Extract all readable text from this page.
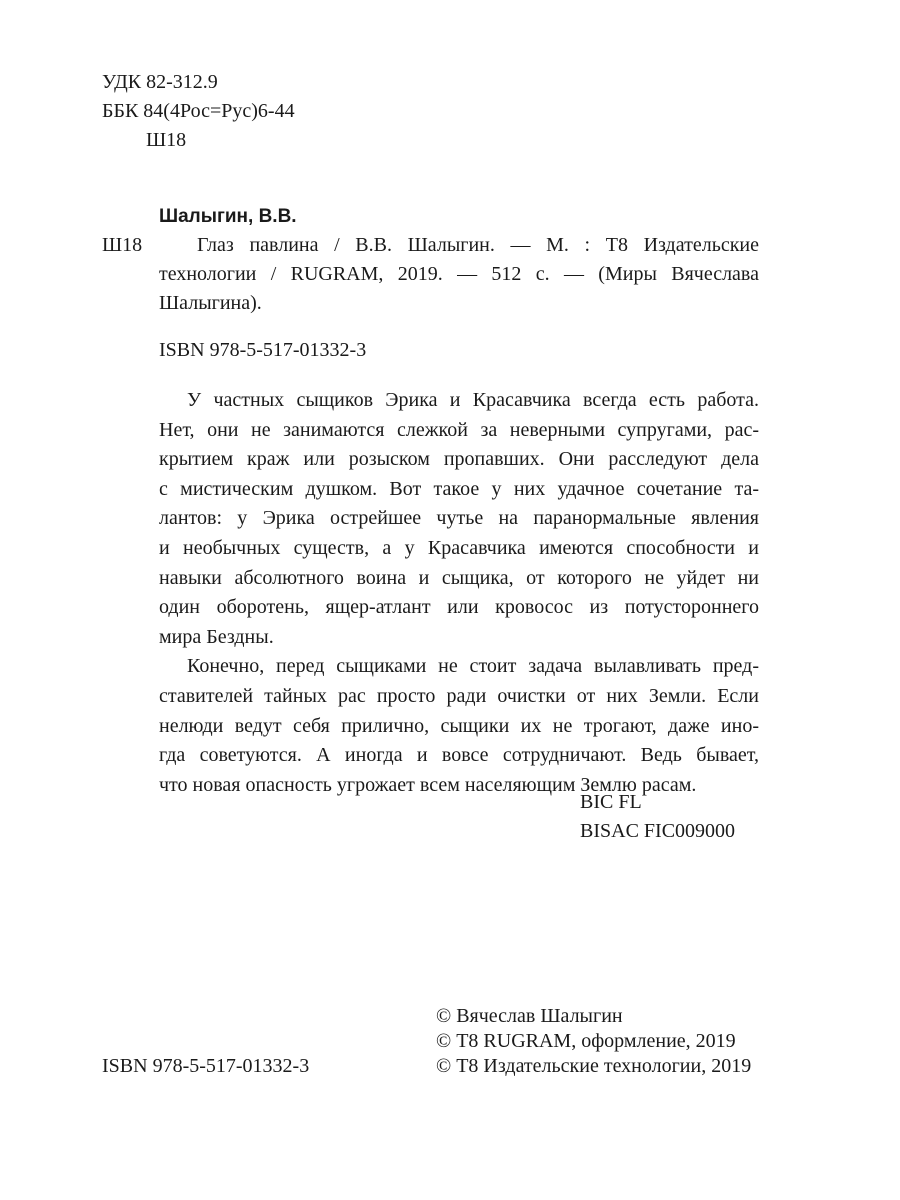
УДК 82-312.9
ББК 84(4Рос=Рус)6-44
Ш18
Шалыгин, В.В.
Ш18	Глаз павлина / В.В. Шалыгин. — М. : Т8 Издательские
технологии / RUGRAM, 2019. — 512 с. — (Миры Вячеслава
Шалыгина).
ISBN 978-5-517-01332-3
У частных сыщиков Эрика и Красавчика всегда есть работа.
Нет, они не занимаются слежкой за неверными супругами, рас-
крытием краж или розыском пропавших. Они расследуют дела
с мистическим душком. Вот такое у них удачное сочетание та-
лантов: у Эрика острейшее чутье на паранормальные явления
и необычных существ, а у Красавчика имеются способности и
навыки абсолютного воина и сыщика, от которого не уйдет ни
один оборотень, ящер-атлант или кровосос из потустороннего
мира Бездны.
Конечно, перед сыщиками не стоит задача вылавливать пред-
ставителей тайных рас просто ради очистки от них Земли. Если
нелюди ведут себя прилично, сыщики их не трогают, даже ино-
гда советуются. А иногда и вовсе сотрудничают. Ведь бывает,
что новая опасность угрожает всем населяющим Землю расам.
BIC FL
BISAC FIC009000
© Вячеслав Шалыгин
© Т8 RUGRAM, оформление, 2019
© Т8 Издательские технологии, 2019
ISBN 978-5-517-01332-3
